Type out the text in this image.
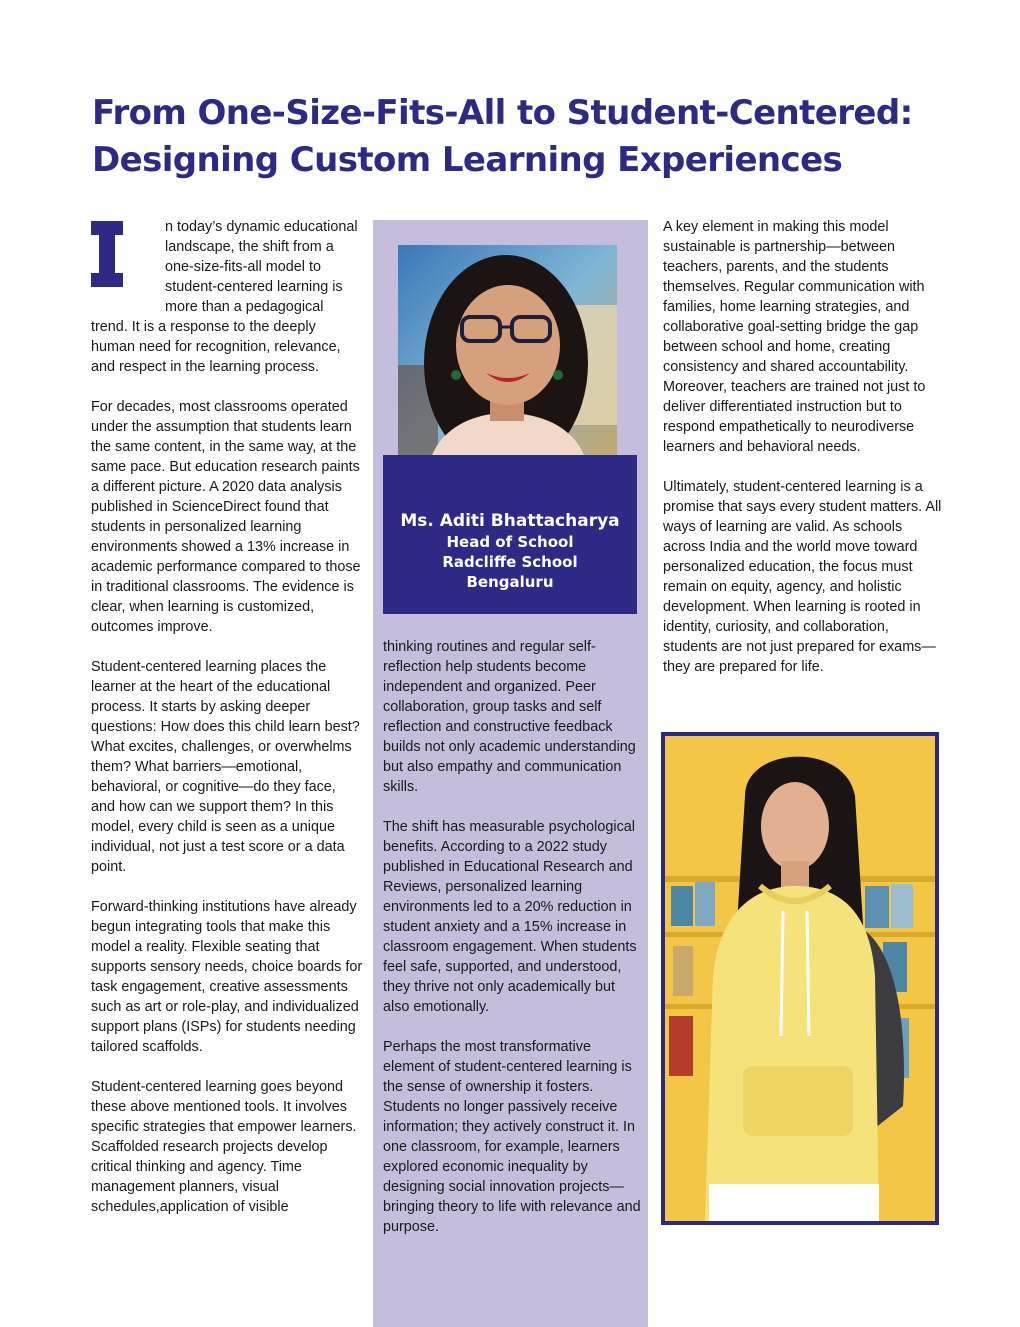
From One-Size-Fits-All to Student-Centered:
Designing Custom Learning Experiences

n today’s dynamic educational landscape, the shift from a one-size-fits-all model to student-centered learning is more than a pedagogical trend. It is a response to the deeply human need for recognition, relevance, and respect in the learning process.

For decades, most classrooms operated under the assumption that students learn the same content, in the same way, at the same pace. But education research paints a different picture. A 2020 data analysis published in ScienceDirect found that students in personalized learning environments showed a 13% increase in academic performance compared to those in traditional classrooms. The evidence is clear, when learning is customized, outcomes improve.

Student-centered learning places the learner at the heart of the educational process. It starts by asking deeper questions: How does this child learn best? What excites, challenges, or overwhelms them? What barriers—emotional, behavioral, or cognitive—do they face, and how can we support them? In this model, every child is seen as a unique individual, not just a test score or a data point.

Forward-thinking institutions have already begun integrating tools that make this model a reality. Flexible seating that supports sensory needs, choice boards for task engagement, creative assessments such as art or role-play, and individualized support plans (ISPs) for students needing tailored scaffolds.

Student-centered learning goes beyond these above mentioned tools. It involves specific strategies that empower learners. Scaffolded research projects develop critical thinking and agency. Time management planners, visual schedules,application of visible

Ms. Aditi Bhattacharya
Head of School
Radcliffe School
Bengaluru

thinking routines and regular self-reflection help students become independent and organized. Peer collaboration, group tasks and self reflection and constructive feedback builds not only academic understanding but also empathy and communication skills.

The shift has measurable psychological benefits. According to a 2022 study published in Educational Research and Reviews, personalized learning environments led to a 20% reduction in student anxiety and a 15% increase in classroom engagement. When students feel safe, supported, and understood, they thrive not only academically but also emotionally.

Perhaps the most transformative element of student-centered learning is the sense of ownership it fosters. Students no longer passively receive information; they actively construct it. In one classroom, for example, learners explored economic inequality by designing social innovation projects—bringing theory to life with relevance and purpose.

A key element in making this model sustainable is partnership—between teachers, parents, and the students themselves. Regular communication with families, home learning strategies, and collaborative goal-setting bridge the gap between school and home, creating consistency and shared accountability. Moreover, teachers are trained not just to deliver differentiated instruction but to respond empathetically to neurodiverse learners and behavioral needs.

Ultimately, student-centered learning is a promise that says every student matters. All ways of learning are valid. As schools across India and the world move toward personalized education, the focus must remain on equity, agency, and holistic development. When learning is rooted in identity, curiosity, and collaboration, students are not just prepared for exams—they are prepared for life.
